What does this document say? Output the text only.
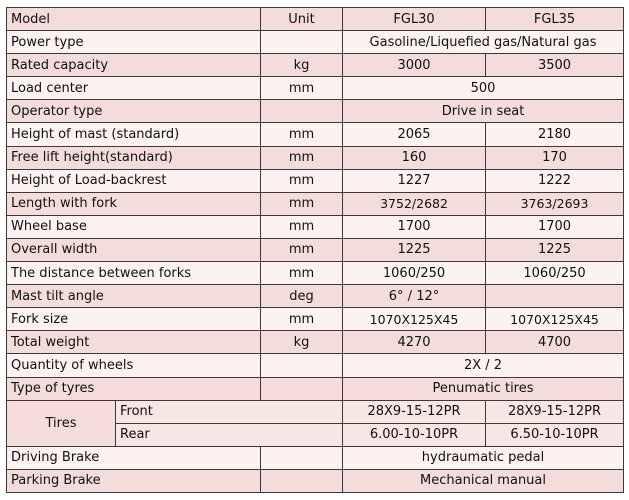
Model		Unit	FGL30	FGL35
Power type			Gasoline/Liquefied gas/Natural gas	
Rated capacity		kg	3000	3500
Load center		mm	500	
Operator type			Drive in seat	
Height of mast (standard)		mm	2065	2180
Free lift height(standard)		mm	160	170
Height of Load-backrest		mm	1227	1222
Length with fork		mm	3752/2682	3763/2693
Wheel base		mm	1700	1700
Overall width		mm	1225	1225
The distance between forks		mm	1060/250	1060/250
Mast tilt angle		deg	6° / 12°	
Fork size		mm	1070X125X45	1070X125X45
Total weight		kg	4270	4700
Quantity of wheels			2X / 2	
Type of tyres			Penumatic tires	
Tires	Front		28X9-15-12PR	28X9-15-12PR
	Rear		6.00-10-10PR	6.50-10-10PR
Driving Brake			hydraumatic pedal	
Parking Brake			Mechanical manual	
